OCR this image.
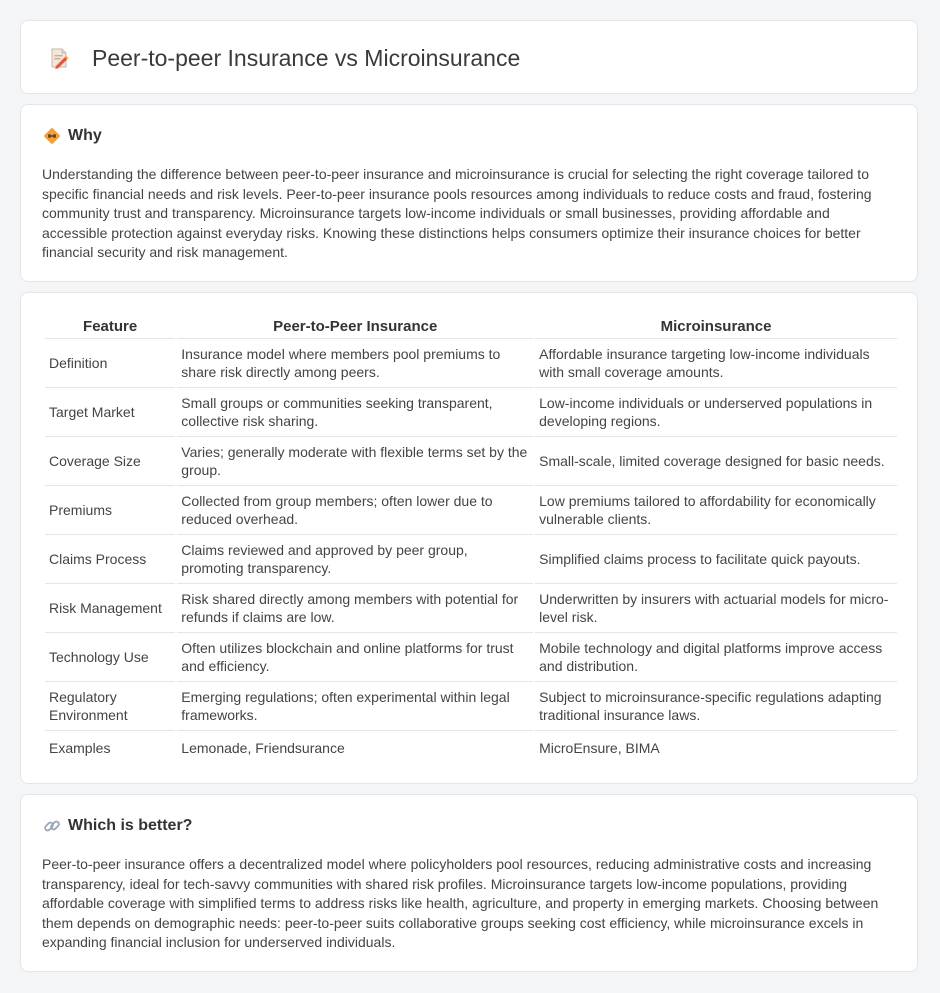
Peer-to-peer Insurance vs Microinsurance
Why

Understanding the difference between peer-to-peer insurance and microinsurance is crucial for selecting the right coverage tailored to specific financial needs and risk levels. Peer-to-peer insurance pools resources among individuals to reduce costs and fraud, fostering community trust and transparency. Microinsurance targets low-income individuals or small businesses, providing affordable and accessible protection against everyday risks. Knowing these distinctions helps consumers optimize their insurance choices for better financial security and risk management.

Feature	Peer-to-Peer Insurance	Microinsurance
Definition	Insurance model where members pool premiums to share risk directly among peers.	Affordable insurance targeting low-income individuals with small coverage amounts.
Target Market	Small groups or communities seeking transparent, collective risk sharing.	Low-income individuals or underserved populations in developing regions.
Coverage Size	Varies; generally moderate with flexible terms set by the group.	Small-scale, limited coverage designed for basic needs.
Premiums	Collected from group members; often lower due to reduced overhead.	Low premiums tailored to affordability for economically vulnerable clients.
Claims Process	Claims reviewed and approved by peer group, promoting transparency.	Simplified claims process to facilitate quick payouts.
Risk Management	Risk shared directly among members with potential for refunds if claims are low.	Underwritten by insurers with actuarial models for micro-level risk.
Technology Use	Often utilizes blockchain and online platforms for trust and efficiency.	Mobile technology and digital platforms improve access and distribution.
Regulatory Environment	Emerging regulations; often experimental within legal frameworks.	Subject to microinsurance-specific regulations adapting traditional insurance laws.
Examples	Lemonade, Friendsurance	MicroEnsure, BIMA
Which is better?

Peer-to-peer insurance offers a decentralized model where policyholders pool resources, reducing administrative costs and increasing transparency, ideal for tech-savvy communities with shared risk profiles. Microinsurance targets low-income populations, providing affordable coverage with simplified terms to address risks like health, agriculture, and property in emerging markets. Choosing between them depends on demographic needs: peer-to-peer suits collaborative groups seeking cost efficiency, while microinsurance excels in expanding financial inclusion for underserved individuals.
